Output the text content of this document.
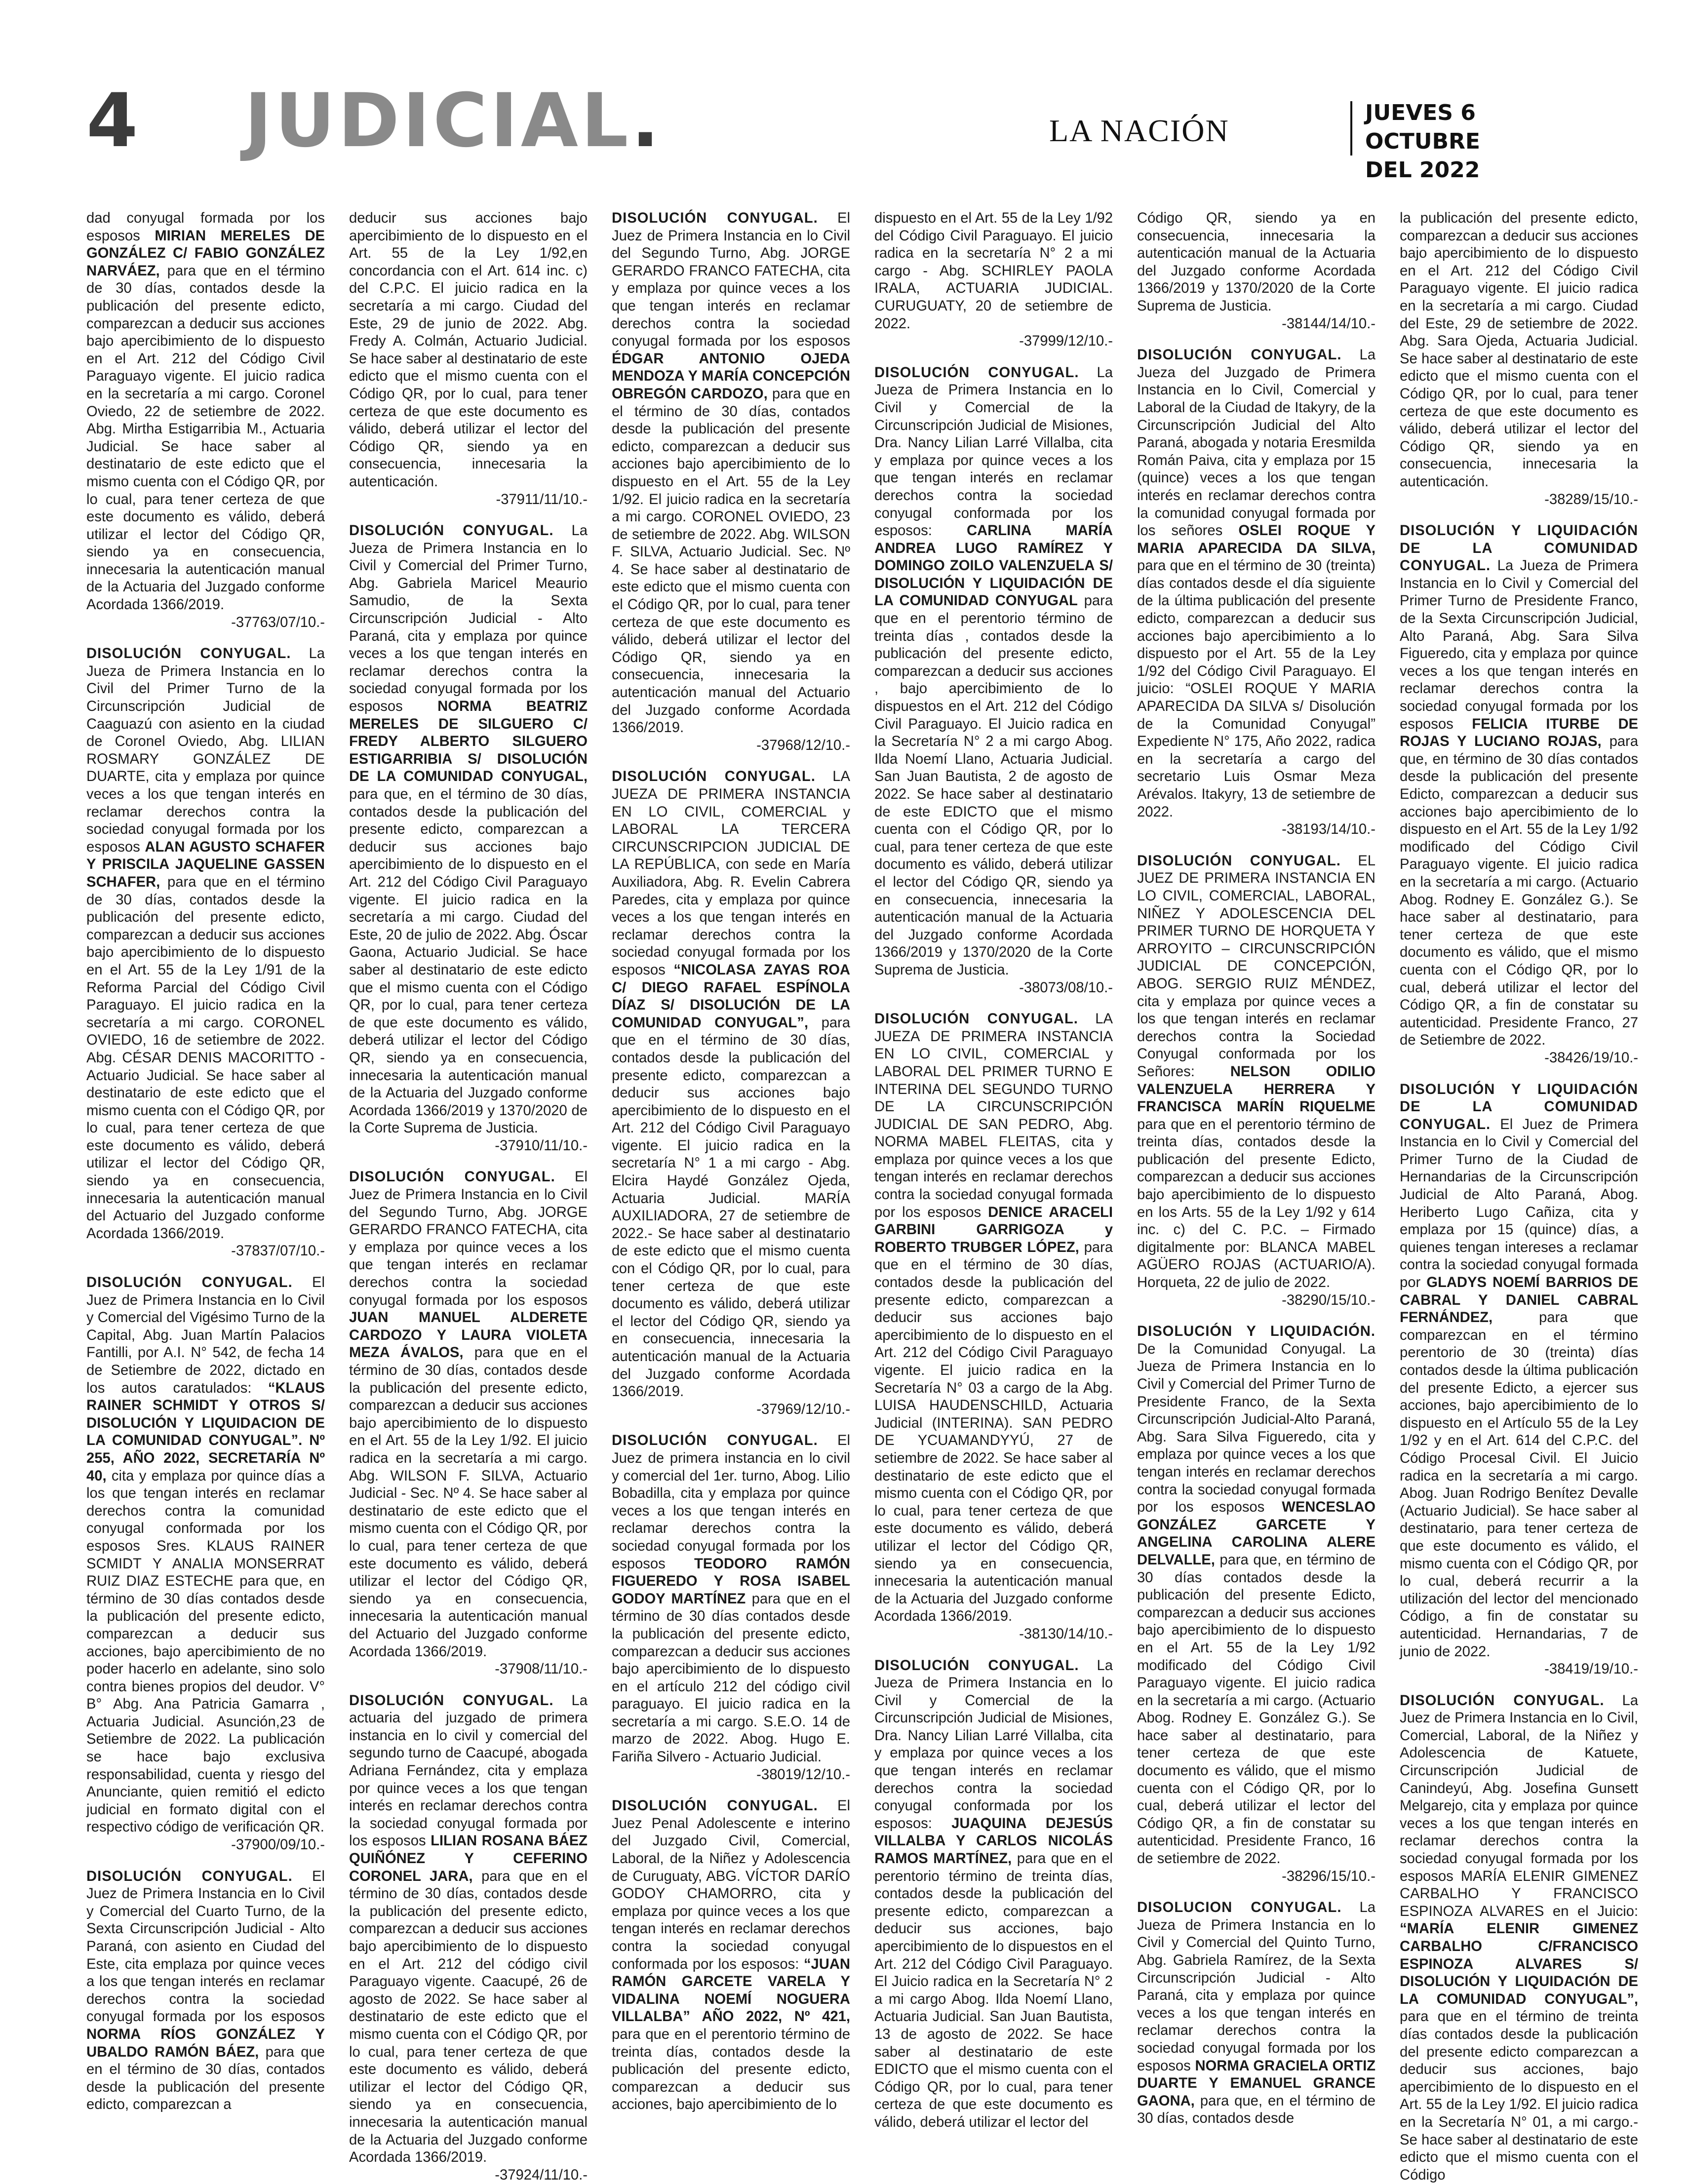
4 JUDICIAL.	LA NACIÓN
JUEVES 6
OCTUBRE DEL 2022

dad conyugal formada por los esposos MIRIAN MERELES DE GONZÁLEZ C/ FABIO GONZÁLEZ NARVÁEZ, para que en el término de 30 días, contados desde la publicación del presente edicto, comparezcan a deducir sus acciones bajo apercibimiento de lo dispuesto en el Art. 212 del Código Civil Paraguayo vigente. El juicio radica en la secretaría a mi cargo. Coronel Oviedo, 22 de setiembre de 2022. Abg. Mirtha Estigarribia M., Actuaria Judicial. Se hace saber al destinatario de este edicto que el mismo cuenta con el Código QR, por lo cual, para tener certeza de que este documento es válido, deberá utilizar el lector del Código QR, siendo ya en consecuencia, innecesaria la autenticación manual de la Actuaria del Juzgado conforme Acordada 1366/2019.
-37763/07/10.-

DISOLUCIÓN CONYUGAL. La Jueza de Primera Instancia en lo Civil del Primer Turno de la Circunscripción Judicial de Caaguazú con asiento en la ciudad de Coronel Oviedo, Abg. LILIAN ROSMARY GONZÁLEZ DE DUARTE, cita y emplaza por quince veces a los que tengan interés en reclamar derechos contra la sociedad conyugal formada por los esposos ALAN AGUSTO SCHAFER Y PRISCILA JAQUELINE GASSEN SCHAFER, para que en el término de 30 días, contados desde la publicación del presente edicto, comparezcan a deducir sus acciones bajo apercibimiento de lo dispuesto en el Art. 55 de la Ley 1/91 de la Reforma Parcial del Código Civil Paraguayo. El juicio radica en la secretaría a mi cargo. CORONEL OVIEDO, 16 de setiembre de 2022. Abg. CÉSAR DENIS MACORITTO - Actuario Judicial. Se hace saber al destinatario de este edicto que el mismo cuenta con el Código QR, por lo cual, para tener certeza de que este documento es válido, deberá utilizar el lector del Código QR, siendo ya en consecuencia, innecesaria la autenticación manual del Actuario del Juzgado conforme Acordada 1366/2019.
-37837/07/10.-

DISOLUCIÓN CONYUGAL. El Juez de Primera Instancia en lo Civil y Comercial del Vigésimo Turno de la Capital, Abg. Juan Martín Palacios Fantilli, por A.I. N° 542, de fecha 14 de Setiembre de 2022, dictado en los autos caratulados: “KLAUS RAINER SCHMIDT Y OTROS S/ DISOLUCIÓN Y LIQUIDACION DE LA COMUNIDAD CONYUGAL”. Nº 255, AÑO 2022, SECRETARÍA Nº 40, cita y emplaza por quince días a los que tengan interés en reclamar derechos contra la comunidad conyugal conformada por los esposos Sres. KLAUS RAINER SCMIDT Y ANALIA MONSERRAT RUIZ DIAZ ESTECHE para que, en término de 30 días contados desde la publicación del presente edicto, comparezcan a deducir sus acciones, bajo apercibimiento de no poder hacerlo en adelante, sino solo contra bienes propios del deudor. V° B° Abg. Ana Patricia Gamarra , Actuaria Judicial. Asunción,23 de Setiembre de 2022. La publicación se hace bajo exclusiva responsabilidad, cuenta y riesgo del Anunciante, quien remitió el edicto judicial en formato digital con el respectivo código de verificación QR.
-37900/09/10.-

DISOLUCIÓN CONYUGAL. El Juez de Primera Instancia en lo Civil y Comercial del Cuarto Turno, de la Sexta Circunscripción Judicial - Alto Paraná, con asiento en Ciudad del Este, cita emplaza por quince veces a los que tengan interés en reclamar derechos contra la sociedad conyugal formada por los esposos NORMA RÍOS GONZÁLEZ Y UBALDO RAMÓN BÁEZ, para que en el término de 30 días, contados desde la publicación del presente edicto, comparezcan a

deducir sus acciones bajo apercibimiento de lo dispuesto en el Art. 55 de la Ley 1/92,en concordancia con el Art. 614 inc. c) del C.P.C. El juicio radica en la secretaría a mi cargo. Ciudad del Este, 29 de junio de 2022. Abg. Fredy A. Colmán, Actuario Judicial. Se hace saber al destinatario de este edicto que el mismo cuenta con el Código QR, por lo cual, para tener certeza de que este documento es válido, deberá utilizar el lector del Código QR, siendo ya en consecuencia, innecesaria la autenticación.
-37911/11/10.-

DISOLUCIÓN CONYUGAL. La Jueza de Primera Instancia en lo Civil y Comercial del Primer Turno, Abg. Gabriela Maricel Meaurio Samudio, de la Sexta Circunscripción Judicial - Alto Paraná, cita y emplaza por quince veces a los que tengan interés en reclamar derechos contra la sociedad conyugal formada por los esposos NORMA BEATRIZ MERELES DE SILGUERO C/ FREDY ALBERTO SILGUERO ESTIGARRIBIA S/ DISOLUCIÓN DE LA COMUNIDAD CONYUGAL, para que, en el término de 30 días, contados desde la publicación del presente edicto, comparezcan a deducir sus acciones bajo apercibimiento de lo dispuesto en el Art. 212 del Código Civil Paraguayo vigente. El juicio radica en la secretaría a mi cargo. Ciudad del Este, 20 de julio de 2022. Abg. Óscar Gaona, Actuario Judicial. Se hace saber al destinatario de este edicto que el mismo cuenta con el Código QR, por lo cual, para tener certeza de que este documento es válido, deberá utilizar el lector del Código QR, siendo ya en consecuencia, innecesaria la autenticación manual de la Actuaria del Juzgado conforme Acordada 1366/2019 y 1370/2020 de la Corte Suprema de Justicia.
-37910/11/10.-

DISOLUCIÓN CONYUGAL. El Juez de Primera Instancia en lo Civil del Segundo Turno, Abg. JORGE GERARDO FRANCO FATECHA, cita y emplaza por quince veces a los que tengan interés en reclamar derechos contra la sociedad conyugal formada por los esposos JUAN MANUEL ALDERETE CARDOZO Y LAURA VIOLETA MEZA ÁVALOS, para que en el término de 30 días, contados desde la publicación del presente edicto, comparezcan a deducir sus acciones bajo apercibimiento de lo dispuesto en el Art. 55 de la Ley 1/92. El juicio radica en la secretaría a mi cargo. Abg. WILSON F. SILVA, Actuario Judicial - Sec. Nº 4. Se hace saber al destinatario de este edicto que el mismo cuenta con el Código QR, por lo cual, para tener certeza de que este documento es válido, deberá utilizar el lector del Código QR, siendo ya en consecuencia, innecesaria la autenticación manual del Actuario del Juzgado conforme Acordada 1366/2019.
-37908/11/10.-

DISOLUCIÓN CONYUGAL. La actuaria del juzgado de primera instancia en lo civil y comercial del segundo turno de Caacupé, abogada Adriana Fernández, cita y emplaza por quince veces a los que tengan interés en reclamar derechos contra la sociedad conyugal formada por los esposos LILIAN ROSANA BÁEZ QUIÑÓNEZ Y CEFERINO CORONEL JARA, para que en el término de 30 días, contados desde la publicación del presente edicto, comparezcan a deducir sus acciones bajo apercibimiento de lo dispuesto en el Art. 212 del código civil Paraguayo vigente. Caacupé, 26 de agosto de 2022. Se hace saber al destinatario de este edicto que el mismo cuenta con el Código QR, por lo cual, para tener certeza de que este documento es válido, deberá utilizar el lector del Código QR, siendo ya en consecuencia, innecesaria la autenticación manual de la Actuaria del Juzgado conforme Acordada 1366/2019.
-37924/11/10.-

DISOLUCIÓN CONYUGAL. El Juez de Primera Instancia en lo Civil del Segundo Turno, Abg. JORGE GERARDO FRANCO FATECHA, cita y emplaza por quince veces a los que tengan interés en reclamar derechos contra la sociedad conyugal formada por los esposos ÉDGAR ANTONIO OJEDA MENDOZA Y MARÍA CONCEPCIÓN OBREGÓN CARDOZO, para que en el término de 30 días, contados desde la publicación del presente edicto, comparezcan a deducir sus acciones bajo apercibimiento de lo dispuesto en el Art. 55 de la Ley 1/92. El juicio radica en la secretaría a mi cargo. CORONEL OVIEDO, 23 de setiembre de 2022. Abg. WILSON F. SILVA, Actuario Judicial. Sec. Nº 4. Se hace saber al destinatario de este edicto que el mismo cuenta con el Código QR, por lo cual, para tener certeza de que este documento es válido, deberá utilizar el lector del Código QR, siendo ya en consecuencia, innecesaria la autenticación manual del Actuario del Juzgado conforme Acordada 1366/2019.
-37968/12/10.-

DISOLUCIÓN CONYUGAL. LA JUEZA DE PRIMERA INSTANCIA EN LO CIVIL, COMERCIAL y LABORAL LA TERCERA CIRCUNSCRIPCION JUDICIAL DE LA REPÚBLICA, con sede en María Auxiliadora, Abg. R. Evelin Cabrera Paredes, cita y emplaza por quince veces a los que tengan interés en reclamar derechos contra la sociedad conyugal formada por los esposos “NICOLASA ZAYAS ROA C/ DIEGO RAFAEL ESPÍNOLA DÍAZ S/ DISOLUCIÓN DE LA COMUNIDAD CONYUGAL”, para que en el término de 30 días, contados desde la publicación del presente edicto, comparezcan a deducir sus acciones bajo apercibimiento de lo dispuesto en el Art. 212 del Código Civil Paraguayo vigente. El juicio radica en la secretaría N° 1 a mi cargo - Abg. Elcira Haydé González Ojeda, Actuaria Judicial. MARÍA AUXILIADORA, 27 de setiembre de 2022.- Se hace saber al destinatario de este edicto que el mismo cuenta con el Código QR, por lo cual, para tener certeza de que este documento es válido, deberá utilizar el lector del Código QR, siendo ya en consecuencia, innecesaria la autenticación manual de la Actuaria del Juzgado conforme Acordada 1366/2019.
-37969/12/10.-

DISOLUCIÓN CONYUGAL. El Juez de primera instancia en lo civil y comercial del 1er. turno, Abog. Lilio Bobadilla, cita y emplaza por quince veces a los que tengan interés en reclamar derechos contra la sociedad conyugal formada por los esposos TEODORO RAMÓN FIGUEREDO Y ROSA ISABEL GODOY MARTÍNEZ para que en el término de 30 días contados desde la publicación del presente edicto, comparezcan a deducir sus acciones bajo apercibimiento de lo dispuesto en el artículo 212 del código civil paraguayo. El juicio radica en la secretaría a mi cargo. S.E.O. 14 de marzo de 2022. Abog. Hugo E. Fariña Silvero - Actuario Judicial.
-38019/12/10.-

DISOLUCIÓN CONYUGAL. El Juez Penal Adolescente e interino del Juzgado Civil, Comercial, Laboral, de la Niñez y Adolescencia de Curuguaty, ABG. VÍCTOR DARÍO GODOY CHAMORRO, cita y emplaza por quince veces a los que tengan interés en reclamar derechos contra la sociedad conyugal conformada por los esposos: “JUAN RAMÓN GARCETE VARELA Y VIDALINA NOEMÍ NOGUERA VILLALBA” AÑO 2022, Nº 421, para que en el perentorio término de treinta días, contados desde la publicación del presente edicto, comparezcan a deducir sus acciones, bajo apercibimiento de lo

dispuesto en el Art. 55 de la Ley 1/92 del Código Civil Paraguayo. El juicio radica en la secretaría N° 2 a mi cargo - Abg. SCHIRLEY PAOLA IRALA, ACTUARIA JUDICIAL. CURUGUATY, 20 de setiembre de 2022.
-37999/12/10.-

DISOLUCIÓN CONYUGAL. La Jueza de Primera Instancia en lo Civil y Comercial de la Circunscripción Judicial de Misiones, Dra. Nancy Lilian Larré Villalba, cita y emplaza por quince veces a los que tengan interés en reclamar derechos contra la sociedad conyugal conformada por los esposos: CARLINA MARÍA ANDREA LUGO RAMÍREZ Y DOMINGO ZOILO VALENZUELA S/ DISOLUCIÓN Y LIQUIDACIÓN DE LA COMUNIDAD CONYUGAL para que en el perentorio término de treinta días , contados desde la publicación del presente edicto, comparezcan a deducir sus acciones , bajo apercibimiento de lo dispuestos en el Art. 212 del Código Civil Paraguayo. El Juicio radica en la Secretaría N° 2 a mi cargo Abog. Ilda Noemí Llano, Actuaria Judicial. San Juan Bautista, 2 de agosto de 2022. Se hace saber al destinatario de este EDICTO que el mismo cuenta con el Código QR, por lo cual, para tener certeza de que este documento es válido, deberá utilizar el lector del Código QR, siendo ya en consecuencia, innecesaria la autenticación manual de la Actuaria del Juzgado conforme Acordada 1366/2019 y 1370/2020 de la Corte Suprema de Justicia.
-38073/08/10.-

DISOLUCIÓN CONYUGAL. LA JUEZA DE PRIMERA INSTANCIA EN LO CIVIL, COMERCIAL y LABORAL DEL PRIMER TURNO E INTERINA DEL SEGUNDO TURNO DE LA CIRCUNSCRIPCIÓN JUDICIAL DE SAN PEDRO, Abg. NORMA MABEL FLEITAS, cita y emplaza por quince veces a los que tengan interés en reclamar derechos contra la sociedad conyugal formada por los esposos DENICE ARACELI GARBINI GARRIGOZA y ROBERTO TRUBGER LÓPEZ, para que en el término de 30 días, contados desde la publicación del presente edicto, comparezcan a deducir sus acciones bajo apercibimiento de lo dispuesto en el Art. 212 del Código Civil Paraguayo vigente. El juicio radica en la Secretaría N° 03 a cargo de la Abg. LUISA HAUDENSCHILD, Actuaria Judicial (INTERINA). SAN PEDRO DE YCUAMANDYYÚ, 27 de setiembre de 2022. Se hace saber al destinatario de este edicto que el mismo cuenta con el Código QR, por lo cual, para tener certeza de que este documento es válido, deberá utilizar el lector del Código QR, siendo ya en consecuencia, innecesaria la autenticación manual de la Actuaria del Juzgado conforme Acordada 1366/2019.
-38130/14/10.-

DISOLUCIÓN CONYUGAL. La Jueza de Primera Instancia en lo Civil y Comercial de la Circunscripción Judicial de Misiones, Dra. Nancy Lilian Larré Villalba, cita y emplaza por quince veces a los que tengan interés en reclamar derechos contra la sociedad conyugal conformada por los esposos: JUAQUINA DEJESÚS VILLALBA Y CARLOS NICOLÁS RAMOS MARTÍNEZ, para que en el perentorio término de treinta días, contados desde la publicación del presente edicto, comparezcan a deducir sus acciones, bajo apercibimiento de lo dispuestos en el Art. 212 del Código Civil Paraguayo. El Juicio radica en la Secretaría N° 2 a mi cargo Abog. Ilda Noemí Llano, Actuaria Judicial. San Juan Bautista, 13 de agosto de 2022. Se hace saber al destinatario de este EDICTO que el mismo cuenta con el Código QR, por lo cual, para tener certeza de que este documento es válido, deberá utilizar el lector del

Código QR, siendo ya en consecuencia, innecesaria la autenticación manual de la Actuaria del Juzgado conforme Acordada 1366/2019 y 1370/2020 de la Corte Suprema de Justicia.
-38144/14/10.-

DISOLUCIÓN CONYUGAL. La Jueza del Juzgado de Primera Instancia en lo Civil, Comercial y Laboral de la Ciudad de Itakyry, de la Circunscripción Judicial del Alto Paraná, abogada y notaria Eresmilda Román Paiva, cita y emplaza por 15 (quince) veces a los que tengan interés en reclamar derechos contra la comunidad conyugal formada por los señores OSLEI ROQUE Y MARIA APARECIDA DA SILVA, para que en el término de 30 (treinta) días contados desde el día siguiente de la última publicación del presente edicto, comparezcan a deducir sus acciones bajo apercibimiento a lo dispuesto por el Art. 55 de la Ley 1/92 del Código Civil Paraguayo. El juicio: “OSLEI ROQUE Y MARIA APARECIDA DA SILVA s/ Disolución de la Comunidad Conyugal” Expediente N° 175, Año 2022, radica en la secretaría a cargo del secretario Luis Osmar Meza Arévalos. Itakyry, 13 de setiembre de 2022.
-38193/14/10.-

DISOLUCIÓN CONYUGAL. EL JUEZ DE PRIMERA INSTANCIA EN LO CIVIL, COMERCIAL, LABORAL, NIÑEZ Y ADOLESCENCIA DEL PRIMER TURNO DE HORQUETA Y ARROYITO – CIRCUNSCRIPCIÓN JUDICIAL DE CONCEPCIÓN, ABOG. SERGIO RUIZ MÉNDEZ, cita y emplaza por quince veces a los que tengan interés en reclamar derechos contra la Sociedad Conyugal conformada por los Señores: NELSON ODILIO VALENZUELA HERRERA Y FRANCISCA MARÍN RIQUELME para que en el perentorio término de treinta días, contados desde la publicación del presente Edicto, comparezcan a deducir sus acciones bajo apercibimiento de lo dispuesto en los Arts. 55 de la Ley 1/92 y 614 inc. c) del C. P.C. – Firmado digitalmente por: BLANCA MABEL AGÜERO ROJAS (ACTUARIO/A). Horqueta, 22 de julio de 2022.
-38290/15/10.-

DISOLUCIÓN Y LIQUIDACIÓN. De la Comunidad Conyugal. La Jueza de Primera Instancia en lo Civil y Comercial del Primer Turno de Presidente Franco, de la Sexta Circunscripción Judicial-Alto Paraná, Abg. Sara Silva Figueredo, cita y emplaza por quince veces a los que tengan interés en reclamar derechos contra la sociedad conyugal formada por los esposos WENCESLAO GONZÁLEZ GARCETE Y ANGELINA CAROLINA ALERE DELVALLE, para que, en término de 30 días contados desde la publicación del presente Edicto, comparezcan a deducir sus acciones bajo apercibimiento de lo dispuesto en el Art. 55 de la Ley 1/92 modificado del Código Civil Paraguayo vigente. El juicio radica en la secretaría a mi cargo. (Actuario Abog. Rodney E. González G.). Se hace saber al destinatario, para tener certeza de que este documento es válido, que el mismo cuenta con el Código QR, por lo cual, deberá utilizar el lector del Código QR, a fin de constatar su autenticidad. Presidente Franco, 16 de setiembre de 2022.
-38296/15/10.-

DISOLUCION CONYUGAL. La Jueza de Primera Instancia en lo Civil y Comercial del Quinto Turno, Abg. Gabriela Ramírez, de la Sexta Circunscripción Judicial - Alto Paraná, cita y emplaza por quince veces a los que tengan interés en reclamar derechos contra la sociedad conyugal formada por los esposos NORMA GRACIELA ORTIZ DUARTE Y EMANUEL GRANCE GAONA, para que, en el término de 30 días, contados desde

la publicación del presente edicto, comparezcan a deducir sus acciones bajo apercibimiento de lo dispuesto en el Art. 212 del Código Civil Paraguayo vigente. El juicio radica en la secretaría a mi cargo. Ciudad del Este, 29 de setiembre de 2022. Abg. Sara Ojeda, Actuaria Judicial. Se hace saber al destinatario de este edicto que el mismo cuenta con el Código QR, por lo cual, para tener certeza de que este documento es válido, deberá utilizar el lector del Código QR, siendo ya en consecuencia, innecesaria la autenticación.
-38289/15/10.-

DISOLUCIÓN Y LIQUIDACIÓN DE LA COMUNIDAD CONYUGAL. La Jueza de Primera Instancia en lo Civil y Comercial del Primer Turno de Presidente Franco, de la Sexta Circunscripción Judicial, Alto Paraná, Abg. Sara Silva Figueredo, cita y emplaza por quince veces a los que tengan interés en reclamar derechos contra la sociedad conyugal formada por los esposos FELICIA ITURBE DE ROJAS Y LUCIANO ROJAS, para que, en término de 30 días contados desde la publicación del presente Edicto, comparezcan a deducir sus acciones bajo apercibimiento de lo dispuesto en el Art. 55 de la Ley 1/92 modificado del Código Civil Paraguayo vigente. El juicio radica en la secretaría a mi cargo. (Actuario Abog. Rodney E. González G.). Se hace saber al destinatario, para tener certeza de que este documento es válido, que el mismo cuenta con el Código QR, por lo cual, deberá utilizar el lector del Código QR, a fin de constatar su autenticidad. Presidente Franco, 27 de Setiembre de 2022.
-38426/19/10.-

DISOLUCIÓN Y LIQUIDACIÓN DE LA COMUNIDAD CONYUGAL. El Juez de Primera Instancia en lo Civil y Comercial del Primer Turno de la Ciudad de Hernandarias de la Circunscripción Judicial de Alto Paraná, Abog. Heriberto Lugo Cañiza, cita y emplaza por 15 (quince) días, a quienes tengan intereses a reclamar contra la sociedad conyugal formada por GLADYS NOEMÍ BARRIOS DE CABRAL Y DANIEL CABRAL FERNÁNDEZ, para que comparezcan en el término perentorio de 30 (treinta) días contados desde la última publicación del presente Edicto, a ejercer sus acciones, bajo apercibimiento de lo dispuesto en el Artículo 55 de la Ley 1/92 y en el Art. 614 del C.P.C. del Código Procesal Civil. El Juicio radica en la secretaría a mi cargo. Abog. Juan Rodrigo Benítez Devalle (Actuario Judicial). Se hace saber al destinatario, para tener certeza de que este documento es válido, el mismo cuenta con el Código QR, por lo cual, deberá recurrir a la utilización del lector del mencionado Código, a fin de constatar su autenticidad. Hernandarias, 7 de junio de 2022.
-38419/19/10.-

DISOLUCIÓN CONYUGAL. La Juez de Primera Instancia en lo Civil, Comercial, Laboral, de la Niñez y Adolescencia de Katuete, Circunscripción Judicial de Canindeyú, Abg. Josefina Gunsett Melgarejo, cita y emplaza por quince veces a los que tengan interés en reclamar derechos contra la sociedad conyugal formada por los esposos MARÍA ELENIR GIMENEZ CARBALHO Y FRANCISCO ESPINOZA ALVARES en el Juicio: “MARÍA ELENIR GIMENEZ CARBALHO C/FRANCISCO ESPINOZA ALVARES S/ DISOLUCIÓN Y LIQUIDACIÓN DE LA COMUNIDAD CONYUGAL”, para que en el término de treinta días contados desde la publicación del presente edicto comparezcan a deducir sus acciones, bajo apercibimiento de lo dispuesto en el Art. 55 de la Ley 1/92. El juicio radica en la Secretaría N° 01, a mi cargo.- Se hace saber al destinatario de este edicto que el mismo cuenta con el Código
